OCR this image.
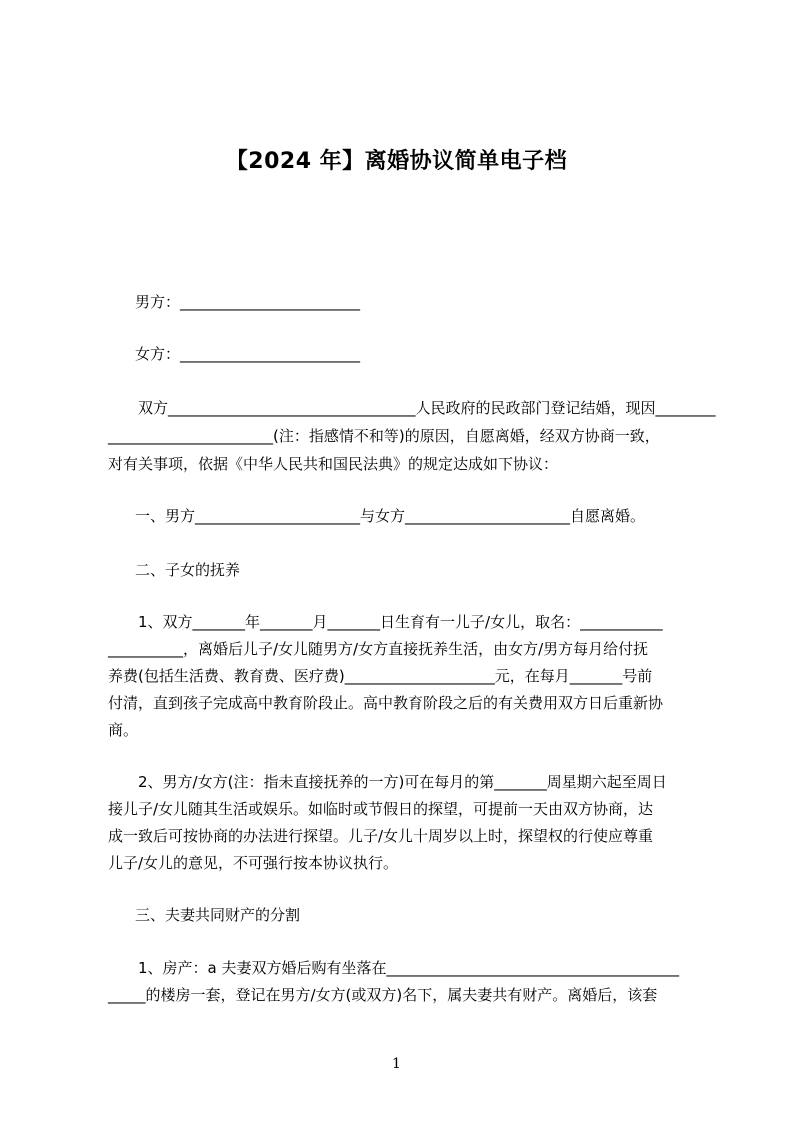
【2024 年】离婚协议简单电子档
男方：________________________
女方：________________________
双方_________________________________人民政府的民政部门登记结婚，现因________
______________________(注：指感情不和等)的原因，自愿离婚，经双方协商一致，
对有关事项，依据《中华人民共和国民法典》的规定达成如下协议：
一、男方______________________与女方______________________自愿离婚。
二、子女的抚养
1、双方_______年_______月_______日生育有一儿子/女儿，取名：___________
__________，离婚后儿子/女儿随男方/女方直接抚养生活，由女方/男方每月给付抚
养费(包括生活费、教育费、医疗费)____________________元，在每月_______号前
付清，直到孩子完成高中教育阶段止。高中教育阶段之后的有关费用双方日后重新协
商。
2、男方/女方(注：指未直接抚养的一方)可在每月的第_______周星期六起至周日
接儿子/女儿随其生活或娱乐。如临时或节假日的探望，可提前一天由双方协商，达
成一致后可按协商的办法进行探望。儿子/女儿十周岁以上时，探望权的行使应尊重
儿子/女儿的意见，不可强行按本协议执行。
三、夫妻共同财产的分割
1、房产：a 夫妻双方婚后购有坐落在_______________________________________
_____的楼房一套，登记在男方/女方(或双方)名下，属夫妻共有财产。离婚后，该套
1
